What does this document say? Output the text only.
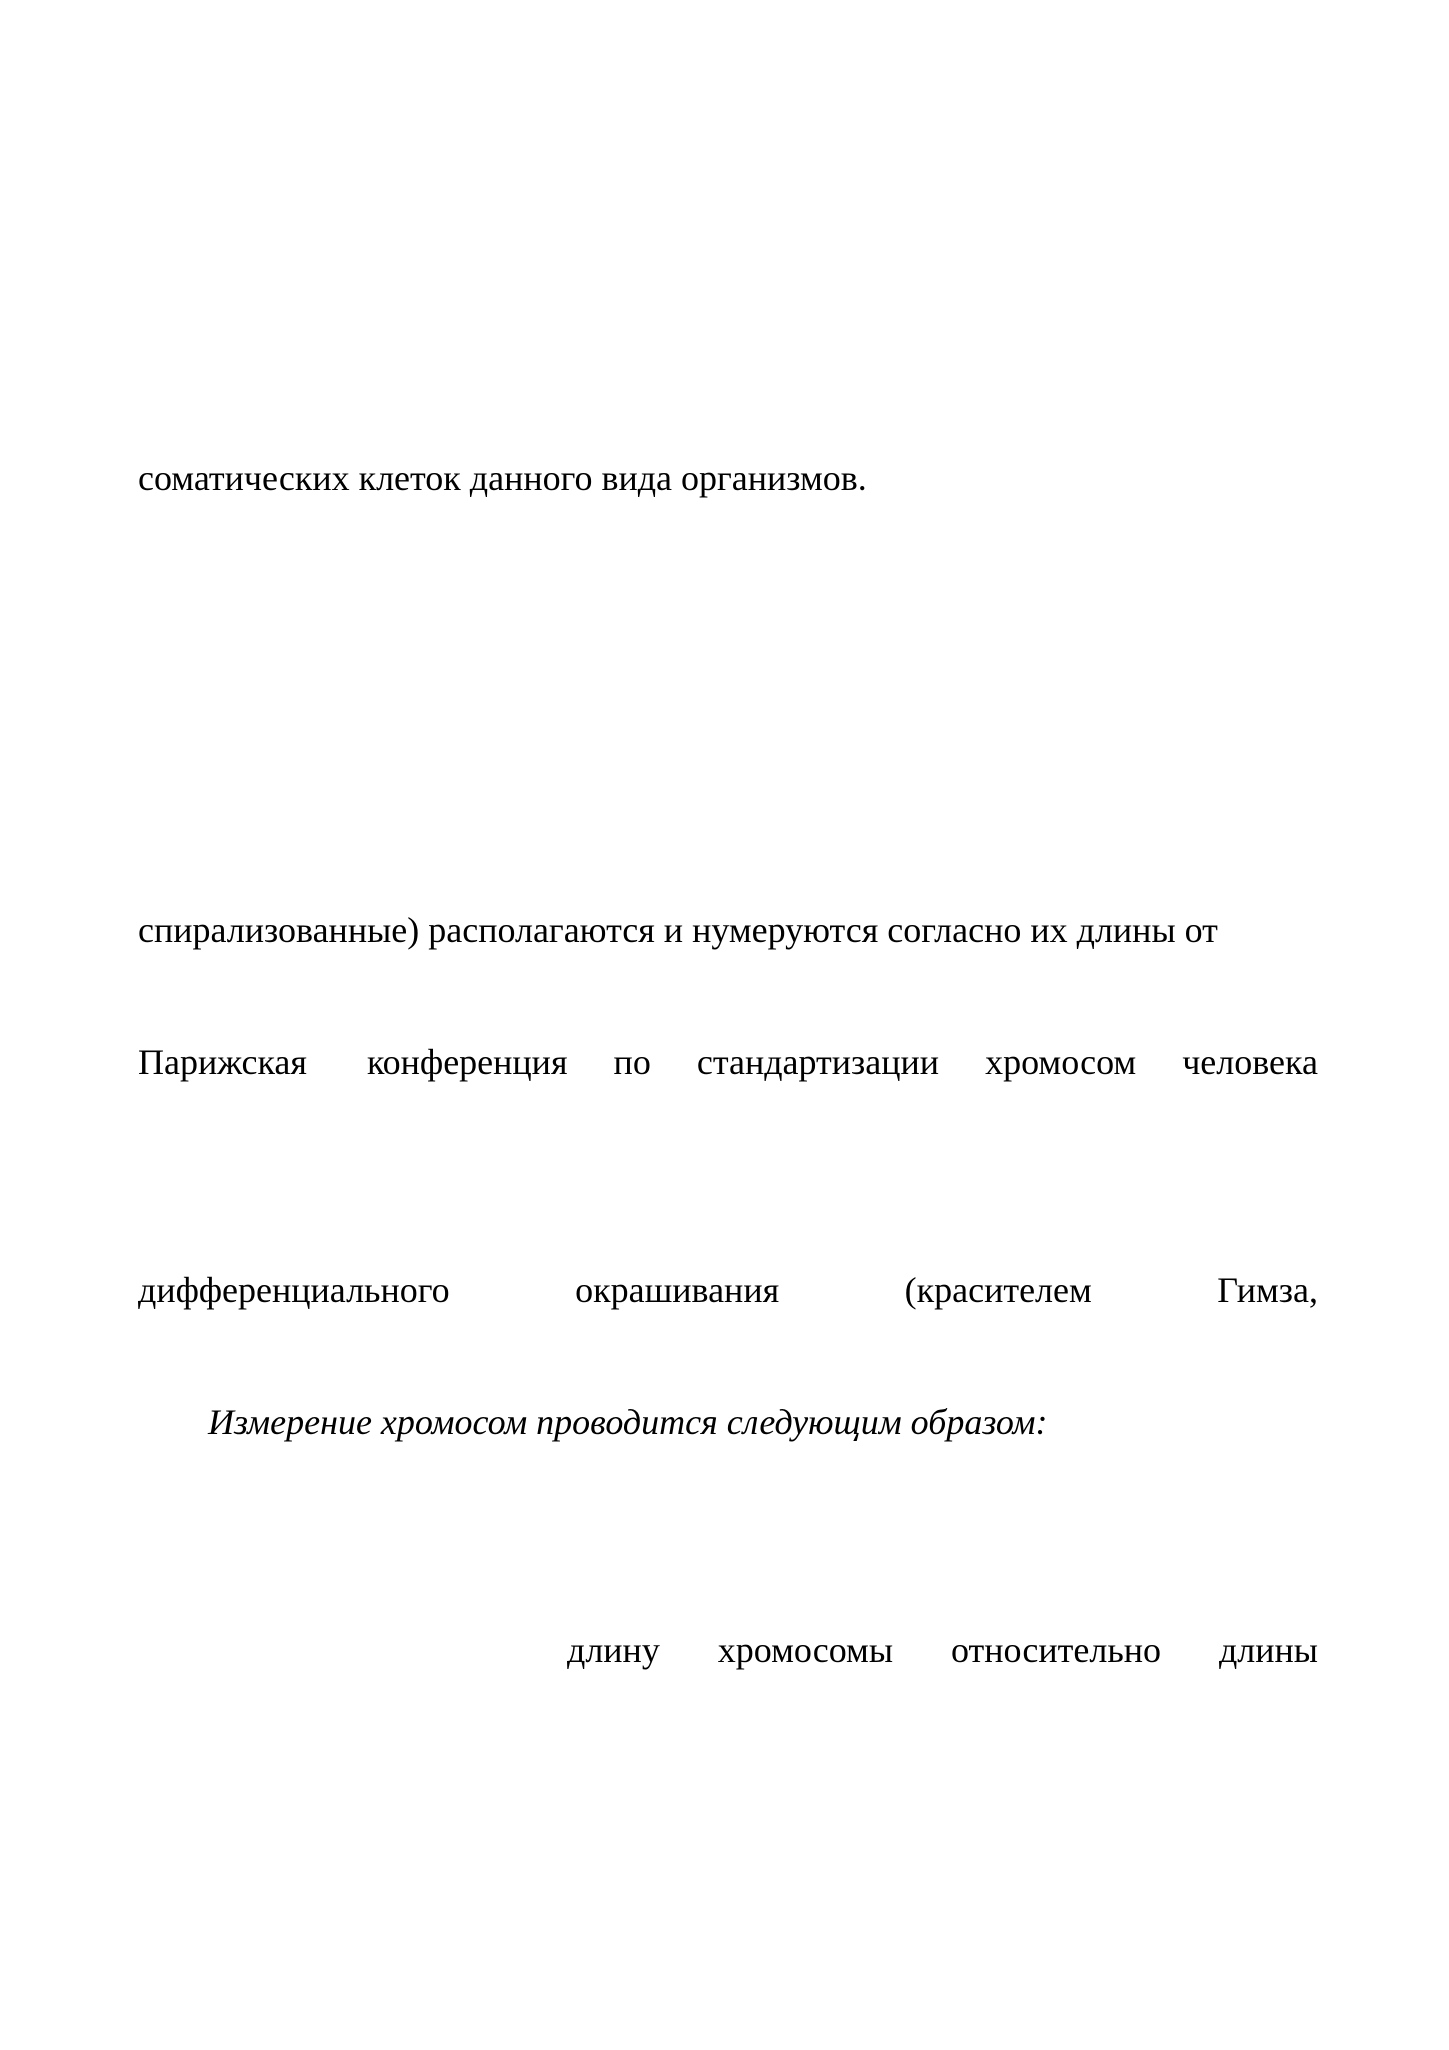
соматических клеток данного вида организмов.
спирализованные) располагаются и нумеруются согласно их длины от
Парижская конференция по стандартизации хромосом человека
дифференциального	окрашивания	(красителем	Гимза,
Измерение хромосом проводится следующим образом:
длину хромосомы относительно длины
